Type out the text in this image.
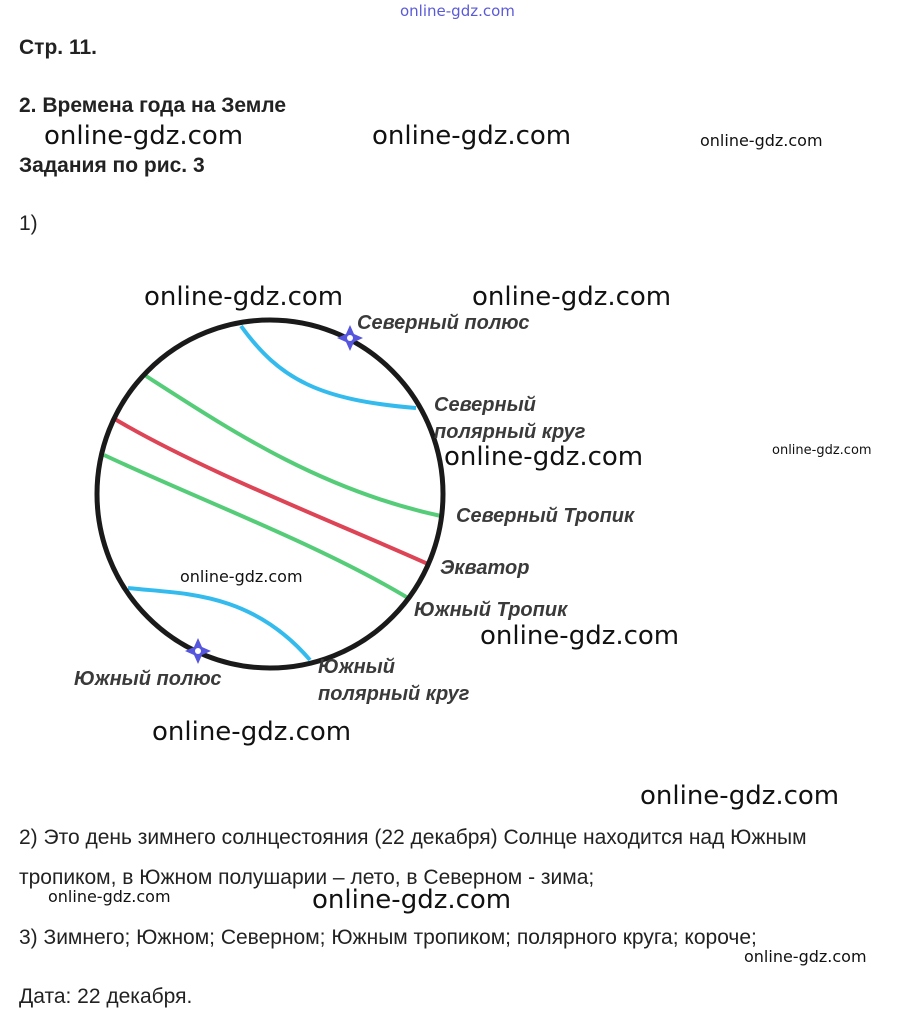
online-gdz.com
Стр. 11.
2. Времена года на Земле
Задания по рис. 3
1)
Северный полюс
Северный
полярный круг
Северный Тропик
Экватор
Южный Тропик
Южный полюс
Южный
полярный круг
2) Это день зимнего солнцестояния (22 декабря) Солнце находится над Южным
тропиком, в Южном полушарии – лето, в Северном - зима;
3) Зимнего; Южном; Северном; Южным тропиком; полярного круга; короче;
Дата: 22 декабря.
online-gdz.com	online-gdz.com	online-gdz.com
online-gdz.com	online-gdz.com
online-gdz.com	online-gdz.com
online-gdz.com
online-gdz.com
online-gdz.com
online-gdz.com
online-gdz.com	online-gdz.com
online-gdz.com
